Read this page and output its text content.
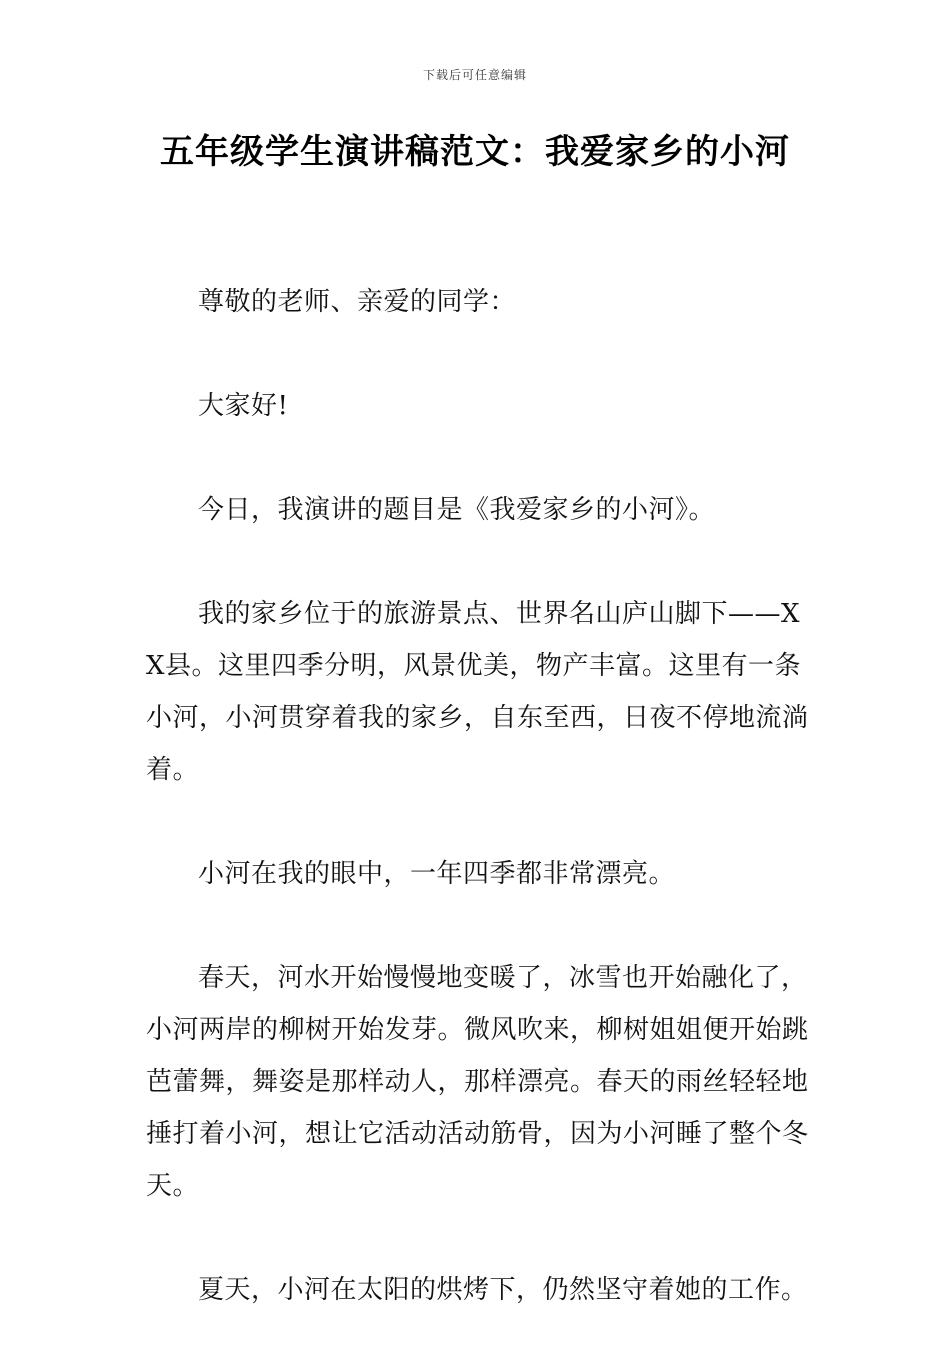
下载后可任意编辑
五年级学生演讲稿范文：我爱家乡的小河

尊敬的老师、亲爱的同学：

大家好!

今日，我演讲的题目是《我爱家乡的小河》。

我的家乡位于的旅游景点、世界名山庐山脚下——XX县。这里四季分明，风景优美，物产丰富。这里有一条小河，小河贯穿着我的家乡，自东至西，日夜不停地流淌着。

小河在我的眼中，一年四季都非常漂亮。

春天，河水开始慢慢地变暖了，冰雪也开始融化了，小河两岸的柳树开始发芽。微风吹来，柳树姐姐便开始跳芭蕾舞，舞姿是那样动人，那样漂亮。春天的雨丝轻轻地捶打着小河，想让它活动活动筋骨，因为小河睡了整个冬天。

夏天，小河在太阳的烘烤下，仍然坚守着她的工作。
